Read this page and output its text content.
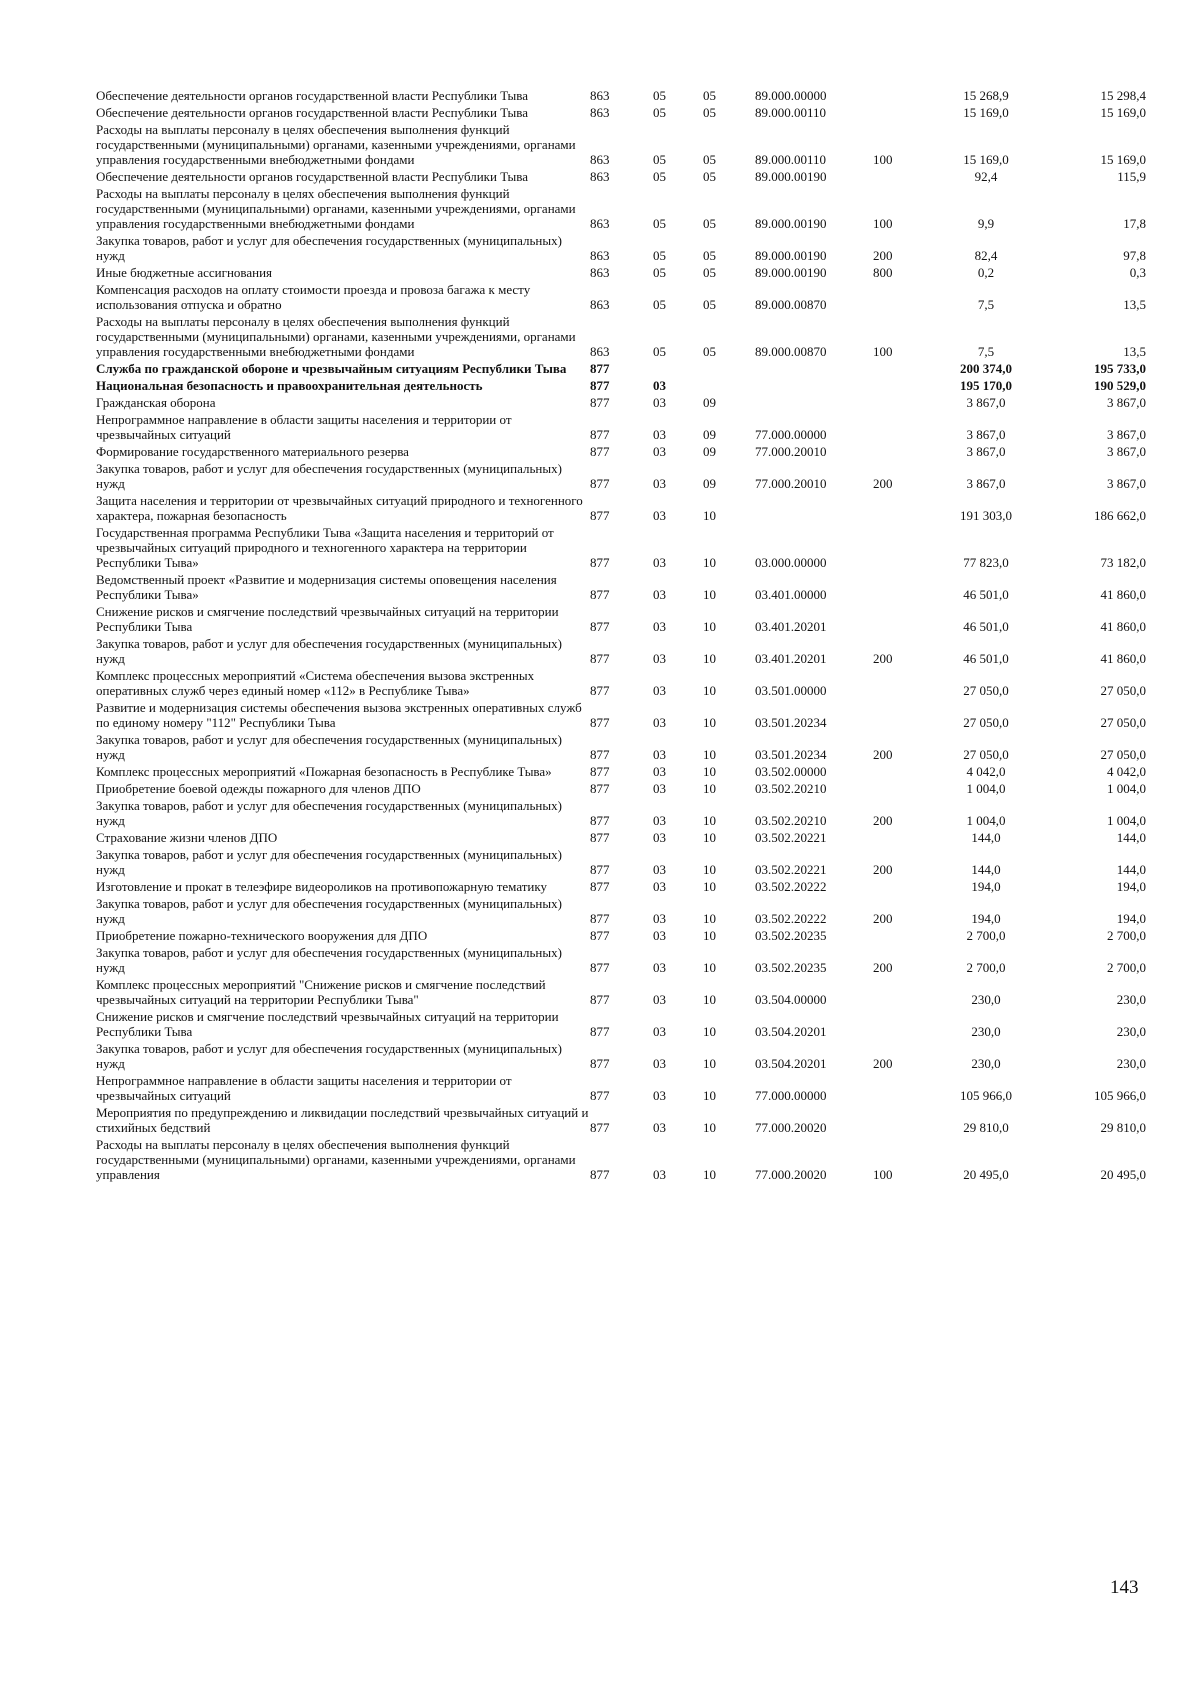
Обеспечение деятельности органов государственной власти Республики Тыва	863	05	05	89.000.00000		15 268,9	15 298,4
Обеспечение деятельности органов государственной власти Республики Тыва	863	05	05	89.000.00110		15 169,0	15 169,0
Расходы на выплаты персоналу в целях обеспечения выполнения функций государственными (муниципальными) органами, казенными учреждениями, органами управления государственными внебюджетными фондами	863	05	05	89.000.00110	100	15 169,0	15 169,0
Обеспечение деятельности органов государственной власти Республики Тыва	863	05	05	89.000.00190		92,4	115,9
Расходы на выплаты персоналу в целях обеспечения выполнения функций государственными (муниципальными) органами, казенными учреждениями, органами управления государственными внебюджетными фондами	863	05	05	89.000.00190	100	9,9	17,8
Закупка товаров, работ и услуг для обеспечения государственных (муниципальных) нужд	863	05	05	89.000.00190	200	82,4	97,8
Иные бюджетные ассигнования	863	05	05	89.000.00190	800	0,2	0,3
Компенсация расходов на оплату стоимости проезда и провоза багажа к месту использования отпуска и обратно	863	05	05	89.000.00870		7,5	13,5
Расходы на выплаты персоналу в целях обеспечения выполнения функций государственными (муниципальными) органами, казенными учреждениями, органами управления государственными внебюджетными фондами	863	05	05	89.000.00870	100	7,5	13,5
Служба по гражданской обороне и чрезвычайным ситуациям Республики Тыва	877					200 374,0	195 733,0
Национальная безопасность и правоохранительная деятельность	877	03				195 170,0	190 529,0
Гражданская оборона	877	03	09			3 867,0	3 867,0
Непрограммное направление в области защиты населения и территории от чрезвычайных ситуаций	877	03	09	77.000.00000		3 867,0	3 867,0
Формирование государственного материального резерва	877	03	09	77.000.20010		3 867,0	3 867,0
Закупка товаров, работ и услуг для обеспечения государственных (муниципальных) нужд	877	03	09	77.000.20010	200	3 867,0	3 867,0
Защита населения и территории от чрезвычайных ситуаций природного и техногенного характера, пожарная безопасность	877	03	10			191 303,0	186 662,0
Государственная программа Республики Тыва «Защита населения и территорий от чрезвычайных ситуаций природного и техногенного характера на территории Республики Тыва»	877	03	10	03.000.00000		77 823,0	73 182,0
Ведомственный проект «Развитие и модернизация системы оповещения населения Республики Тыва»	877	03	10	03.401.00000		46 501,0	41 860,0
Снижение рисков и смягчение последствий чрезвычайных ситуаций на территории Республики Тыва	877	03	10	03.401.20201		46 501,0	41 860,0
Закупка товаров, работ и услуг для обеспечения государственных (муниципальных) нужд	877	03	10	03.401.20201	200	46 501,0	41 860,0
Комплекс процессных мероприятий «Система обеспечения вызова экстренных оперативных служб через единый номер «112» в Республике Тыва»	877	03	10	03.501.00000		27 050,0	27 050,0
Развитие и модернизация системы обеспечения вызова экстренных оперативных служб по единому номеру "112" Республики Тыва	877	03	10	03.501.20234		27 050,0	27 050,0
Закупка товаров, работ и услуг для обеспечения государственных (муниципальных) нужд	877	03	10	03.501.20234	200	27 050,0	27 050,0
Комплекс процессных мероприятий «Пожарная безопасность в Республике Тыва»	877	03	10	03.502.00000		4 042,0	4 042,0
Приобретение боевой одежды пожарного для членов ДПО	877	03	10	03.502.20210		1 004,0	1 004,0
Закупка товаров, работ и услуг для обеспечения государственных (муниципальных) нужд	877	03	10	03.502.20210	200	1 004,0	1 004,0
Страхование жизни членов ДПО	877	03	10	03.502.20221		144,0	144,0
Закупка товаров, работ и услуг для обеспечения государственных (муниципальных) нужд	877	03	10	03.502.20221	200	144,0	144,0
Изготовление и прокат в телеэфире видеороликов на противопожарную тематику	877	03	10	03.502.20222		194,0	194,0
Закупка товаров, работ и услуг для обеспечения государственных (муниципальных) нужд	877	03	10	03.502.20222	200	194,0	194,0
Приобретение пожарно-технического вооружения для ДПО	877	03	10	03.502.20235		2 700,0	2 700,0
Закупка товаров, работ и услуг для обеспечения государственных (муниципальных) нужд	877	03	10	03.502.20235	200	2 700,0	2 700,0
Комплекс процессных мероприятий "Снижение рисков и смягчение последствий чрезвычайных ситуаций на территории Республики Тыва"	877	03	10	03.504.00000		230,0	230,0
Снижение рисков и смягчение последствий чрезвычайных ситуаций на территории Республики Тыва	877	03	10	03.504.20201		230,0	230,0
Закупка товаров, работ и услуг для обеспечения государственных (муниципальных) нужд	877	03	10	03.504.20201	200	230,0	230,0
Непрограммное направление в области защиты населения и территории от чрезвычайных ситуаций	877	03	10	77.000.00000		105 966,0	105 966,0
Мероприятия по предупреждению и ликвидации последствий чрезвычайных ситуаций и стихийных бедствий	877	03	10	77.000.20020		29 810,0	29 810,0
Расходы на выплаты персоналу в целях обеспечения выполнения функций государственными (муниципальными) органами, казенными учреждениями, органами управления	877	03	10	77.000.20020	100	20 495,0	20 495,0
143
